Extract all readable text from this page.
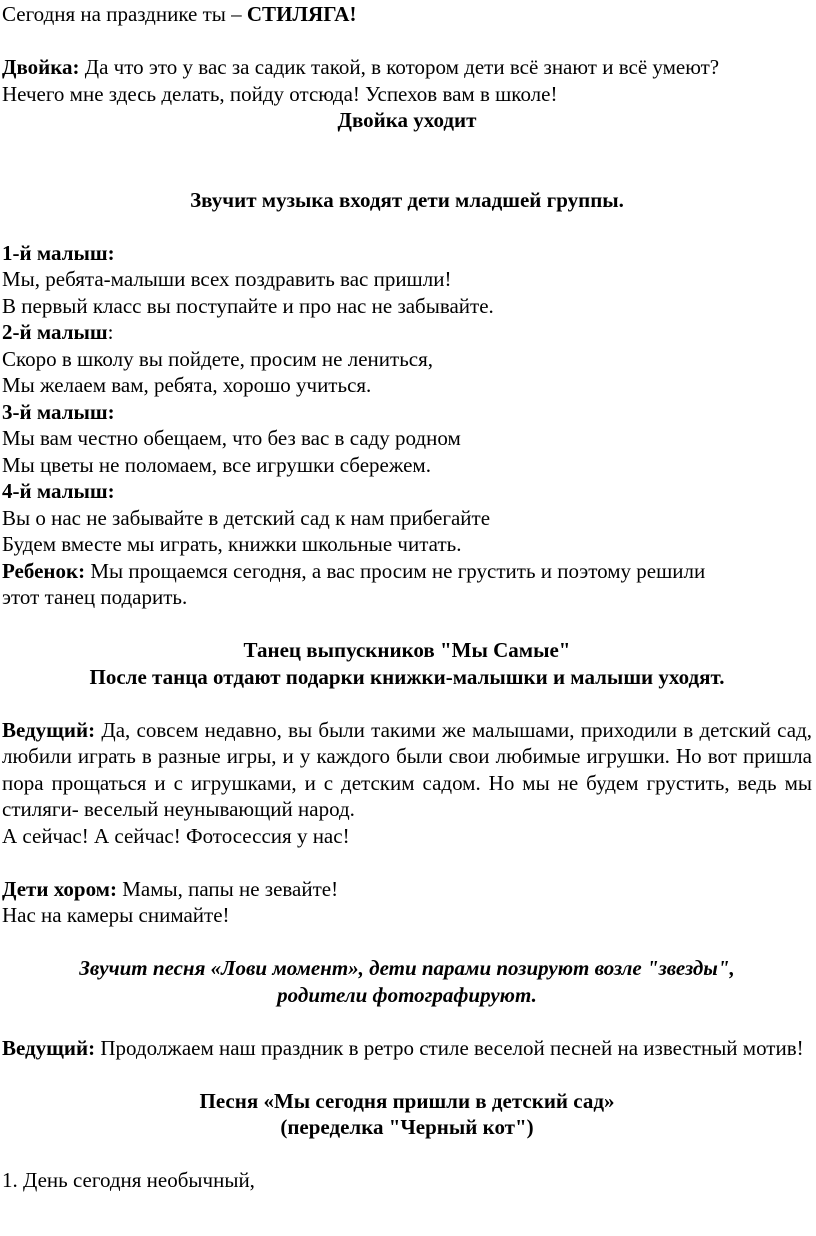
Сегодня на празднике ты – СТИЛЯГА!

Двойка: Да что это у вас за садик такой, в котором дети всё знают и всё умеют?

Нечего мне здесь делать, пойду отсюда! Успехов вам в школе!

Двойка уходит

Звучит музыка входят дети младшей группы.

1-й малыш:

Мы, ребята-малыши всех поздравить вас пришли!

В первый класс вы поступайте и про нас не забывайте.

2-й малыш:

Скоро в школу вы пойдете, просим не лениться,

Мы желаем вам, ребята, хорошо учиться.

3-й малыш:

Мы вам честно обещаем, что без вас в саду родном

Мы цветы не поломаем, все игрушки сбережем.

4-й малыш:

Вы о нас не забывайте в детский сад к нам прибегайте

Будем вместе мы играть, книжки школьные читать.

Ребенок: Мы прощаемся сегодня, а вас просим не грустить и поэтому решили

этот танец подарить.

Танец выпускников "Мы Самые"

После танца отдают подарки книжки-малышки и малыши уходят.

Ведущий: Да, совсем недавно, вы были такими же малышами, приходили в детский сад, любили играть в разные игры, и у каждого были свои любимые игрушки. Но вот пришла пора прощаться и с игрушками, и с детским садом. Но мы не будем грустить, ведь мы стиляги- веселый неунывающий народ.

А сейчас! А сейчас! Фотосессия у нас!

Дети хором: Мамы, папы не зевайте!

Нас на камеры снимайте!

Звучит песня «Лови момент», дети парами позируют возле "звезды",

родители фотографируют.

Ведущий: Продолжаем наш праздник в ретро стиле веселой песней на известный мотив!

Песня «Мы сегодня пришли в детский сад»

(переделка "Черный кот")

1. День сегодня необычный,
